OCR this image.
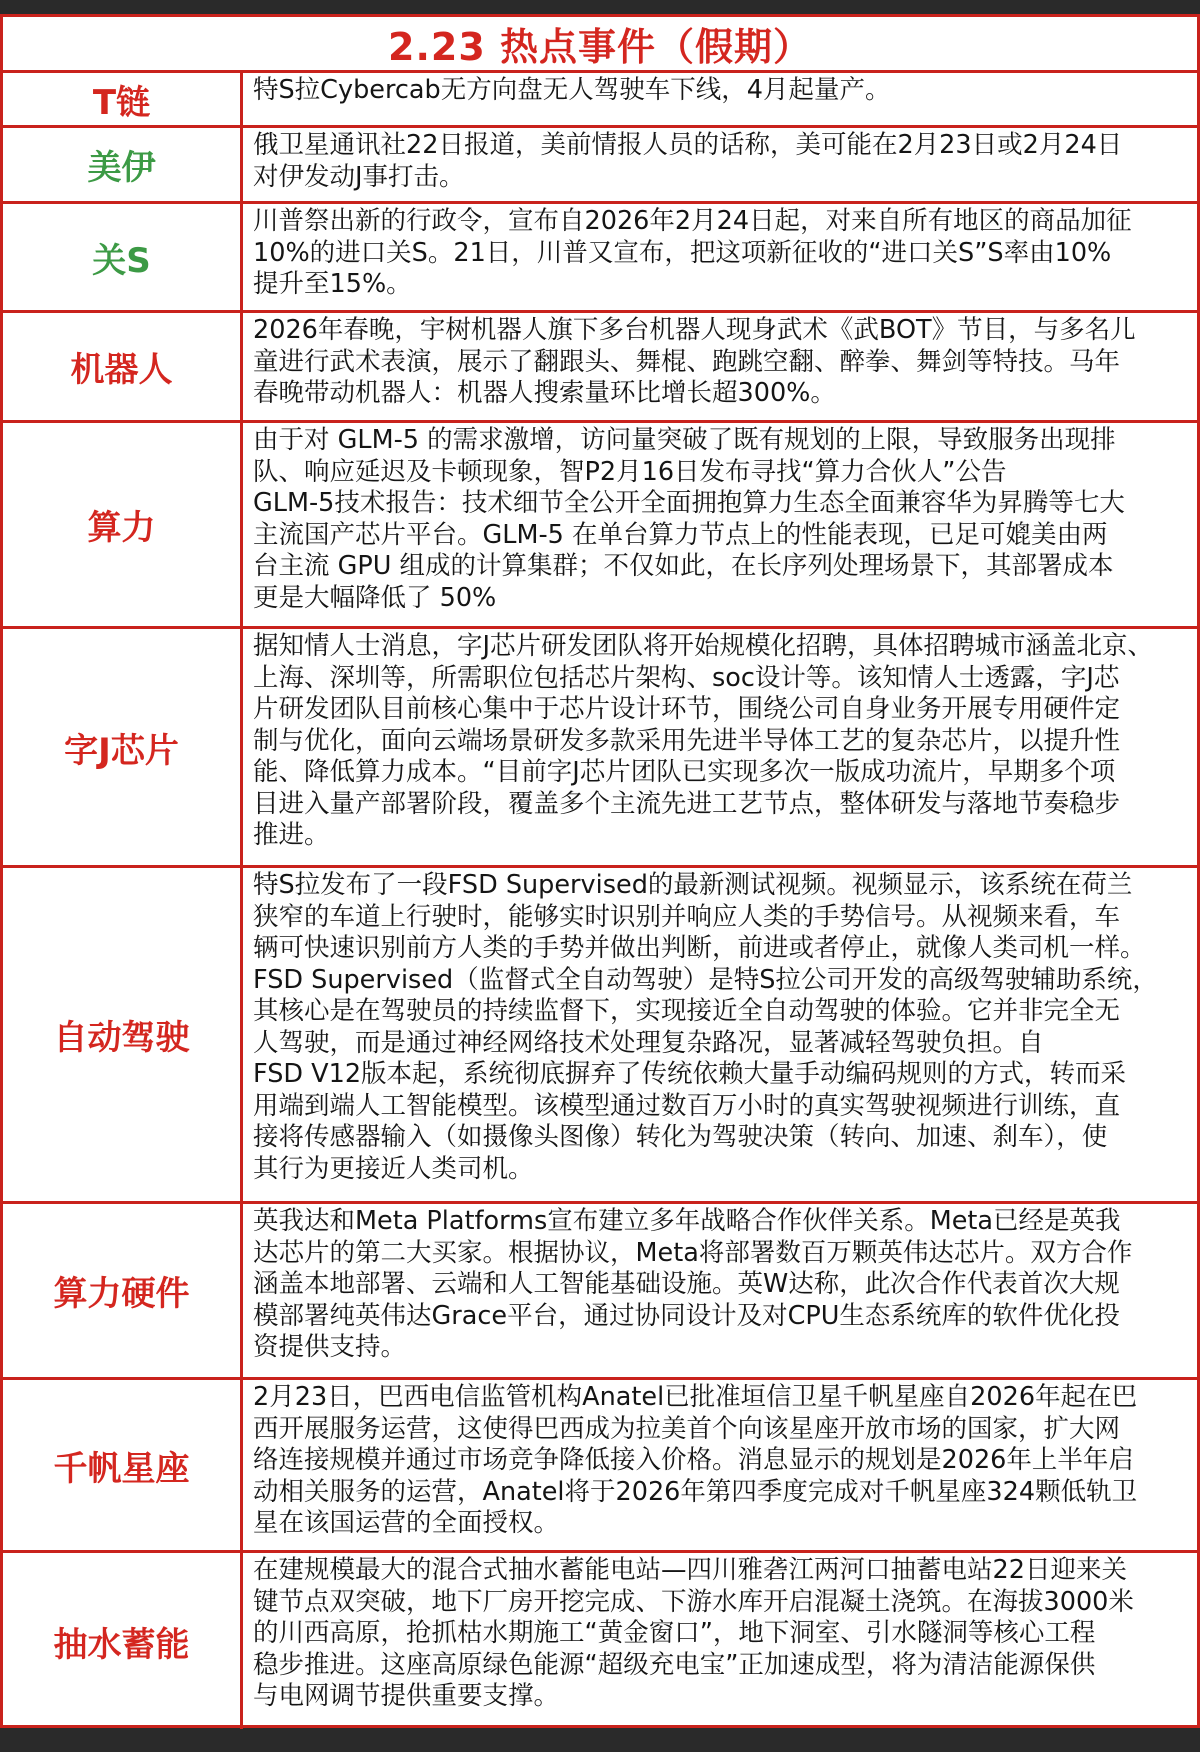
2.23 热点事件（假期）
T链	特S拉Cybercab无方向盘无人驾驶车下线，4月起量产。
美伊
俄卫星通讯社22日报道，美前情报人员的话称，美可能在2月23日或2月24日
对伊发动J事打击。
关S
川普祭出新的行政令，宣布自2026年2月24日起，对来自所有地区的商品加征
10%的进口关S。21日，川普又宣布，把这项新征收的“进口关S”S率由10%
提升至15%。
机器人
2026年春晚，宇树机器人旗下多台机器人现身武术《武BOT》节目，与多名儿
童进行武术表演，展示了翻跟头、舞棍、跑跳空翻、醉拳、舞剑等特技。马年
春晚带动机器人：机器人搜索量环比增长超300%。
算力
由于对 GLM-5 的需求激增，访问量突破了既有规划的上限，导致服务出现排
队、响应延迟及卡顿现象，智P2月16日发布寻找“算力合伙人”公告
GLM-5技术报告：技术细节全公开全面拥抱算力生态全面兼容华为昇腾等七大
主流国产芯片平台。GLM-5 在单台算力节点上的性能表现，已足可媲美由两
台主流 GPU 组成的计算集群；不仅如此，在长序列处理场景下，其部署成本
更是大幅降低了 50%
字J芯片
据知情人士消息，字J芯片研发团队将开始规模化招聘，具体招聘城市涵盖北京、
上海、深圳等，所需职位包括芯片架构、soc设计等。该知情人士透露，字J芯
片研发团队目前核心集中于芯片设计环节，围绕公司自身业务开展专用硬件定
制与优化，面向云端场景研发多款采用先进半导体工艺的复杂芯片，以提升性
能、降低算力成本。“目前字J芯片团队已实现多次一版成功流片，早期多个项
目进入量产部署阶段，覆盖多个主流先进工艺节点，整体研发与落地节奏稳步
推进。
自动驾驶
特S拉发布了一段FSD Supervised的最新测试视频。视频显示，该系统在荷兰
狭窄的车道上行驶时，能够实时识别并响应人类的手势信号。从视频来看，车
辆可快速识别前方人类的手势并做出判断，前进或者停止，就像人类司机一样。
FSD Supervised（监督式全自动驾驶）是特S拉公司开发的高级驾驶辅助系统，
其核心是在驾驶员的持续监督下，实现接近全自动驾驶的体验。它并非完全无
人驾驶，而是通过神经网络技术处理复杂路况，显著减轻驾驶负担。自
FSD V12版本起，系统彻底摒弃了传统依赖大量手动编码规则的方式，转而采
用端到端人工智能模型。该模型通过数百万小时的真实驾驶视频进行训练，直
接将传感器输入（如摄像头图像）转化为驾驶决策（转向、加速、刹车），使
其行为更接近人类司机。
算力硬件
英我达和Meta Platforms宣布建立多年战略合作伙伴关系。Meta已经是英我
达芯片的第二大买家。根据协议，Meta将部署数百万颗英伟达芯片。双方合作
涵盖本地部署、云端和人工智能基础设施。英W达称，此次合作代表首次大规
模部署纯英伟达Grace平台，通过协同设计及对CPU生态系统库的软件优化投
资提供支持。
千帆星座
2月23日，巴西电信监管机构Anatel已批准垣信卫星千帆星座自2026年起在巴
西开展服务运营，这使得巴西成为拉美首个向该星座开放市场的国家，扩大网
络连接规模并通过市场竞争降低接入价格。消息显示的规划是2026年上半年启
动相关服务的运营，Anatel将于2026年第四季度完成对千帆星座324颗低轨卫
星在该国运营的全面授权。
抽水蓄能
在建规模最大的混合式抽水蓄能电站—四川雅砻江两河口抽蓄电站22日迎来关
键节点双突破，地下厂房开挖完成、下游水库开启混凝土浇筑。在海拔3000米
的川西高原，抢抓枯水期施工“黄金窗口”，地下洞室、引水隧洞等核心工程
稳步推进。这座高原绿色能源“超级充电宝”正加速成型，将为清洁能源保供
与电网调节提供重要支撑。
